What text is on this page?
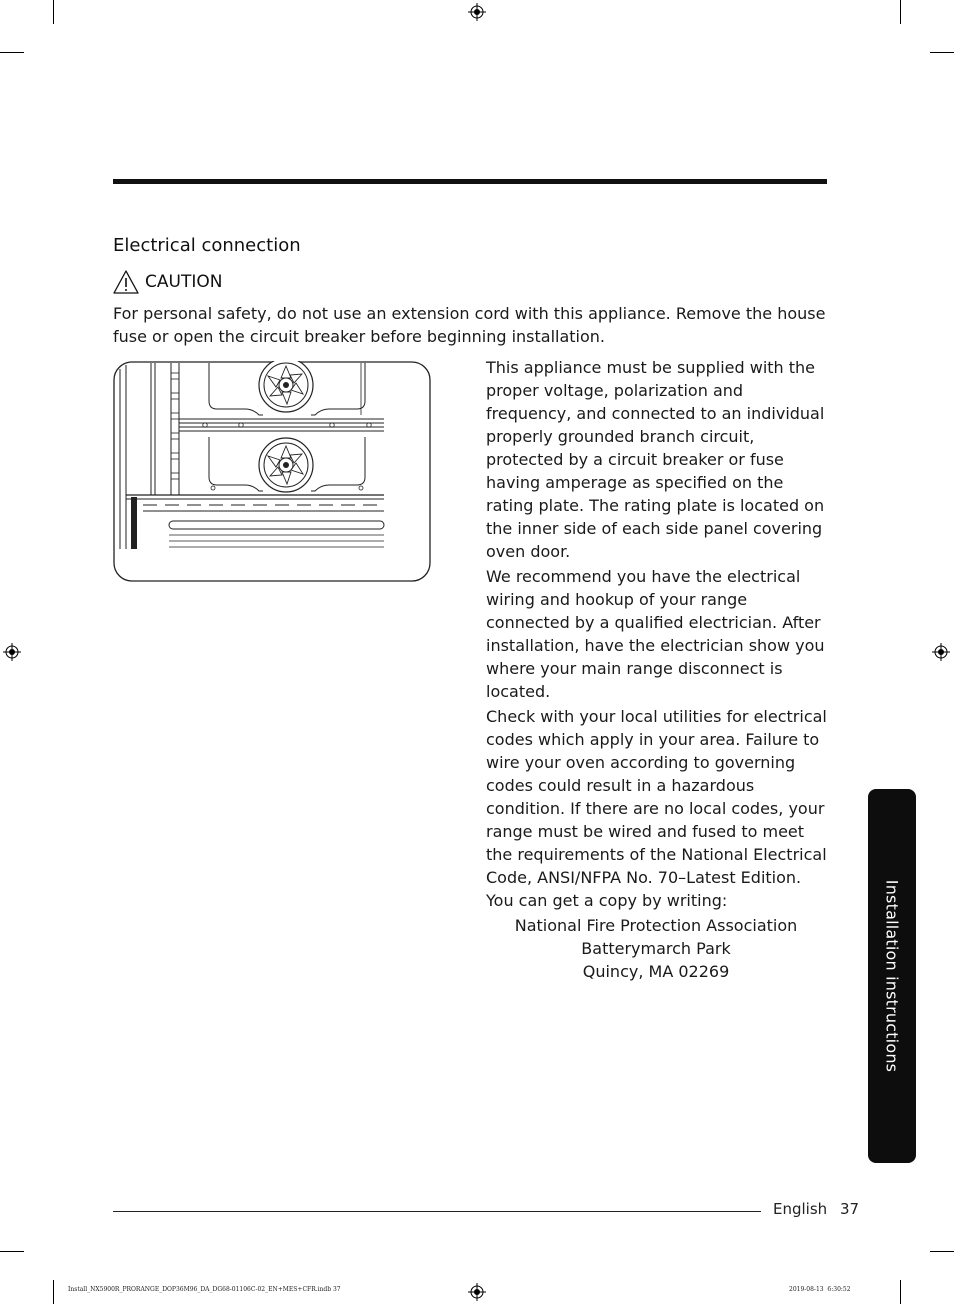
Electrical connection
CAUTION
For personal safety, do not use an extension cord with this appliance. Remove the house fuse or open the circuit breaker before beginning installation.

This appliance must be supplied with the proper voltage, polarization and frequency, and connected to an individual properly grounded branch circuit, protected by a circuit breaker or fuse having amperage as specified on the rating plate. The rating plate is located on the inner side of each side panel covering oven door.

We recommend you have the electrical wiring and hookup of your range connected by a qualified electrician. After installation, have the electrician show you where your main range disconnect is located.

Check with your local utilities for electrical codes which apply in your area. Failure to wire your oven according to governing codes could result in a hazardous condition. If there are no local codes, your range must be wired and fused to meet the requirements of the National Electrical Code, ANSI/NFPA No. 70–Latest Edition. You can get a copy by writing:

National Fire Protection Association
Batterymarch Park
Quincy, MA 02269	Installation instructions
English 37
Install_NX5900R_PRORANGE_DOP36M96_DA_DG68-01106C-02_EN+MES+CFR.indb 37	2019-08-13 ￼ 6:30:52
